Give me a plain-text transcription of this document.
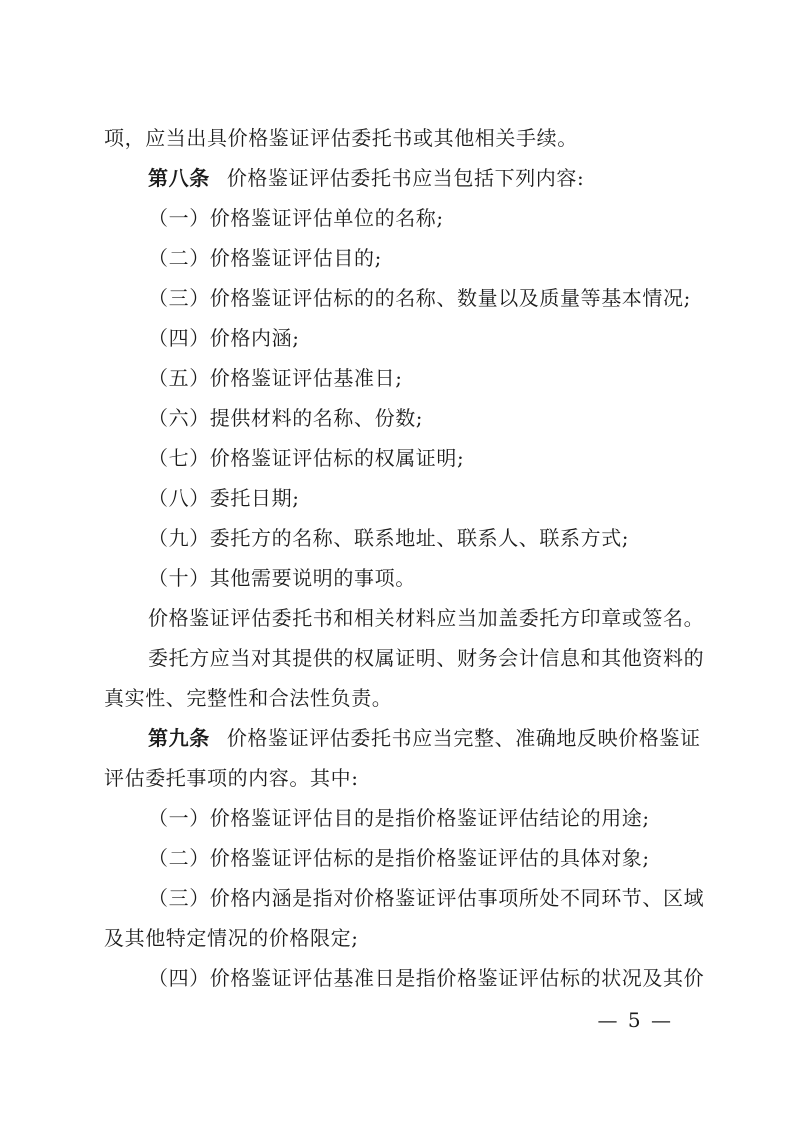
项，应当出具价格鉴证评估委托书或其他相关手续。
第八条 价格鉴证评估委托书应当包括下列内容:
（一）价格鉴证评估单位的名称;
（二）价格鉴证评估目的;
（三）价格鉴证评估标的的名称、数量以及质量等基本情况;
（四）价格内涵;
（五）价格鉴证评估基准日;
（六）提供材料的名称、份数;
（七）价格鉴证评估标的权属证明;
（八）委托日期;
（九）委托方的名称、联系地址、联系人、联系方式;
（十）其他需要说明的事项。
价格鉴证评估委托书和相关材料应当加盖委托方印章或签名。
委托方应当对其提供的权属证明、财务会计信息和其他资料的
真实性、完整性和合法性负责。
第九条 价格鉴证评估委托书应当完整、准确地反映价格鉴证
评估委托事项的内容。其中:
（一）价格鉴证评估目的是指价格鉴证评估结论的用途;
（二）价格鉴证评估标的是指价格鉴证评估的具体对象;
（三）价格内涵是指对价格鉴证评估事项所处不同环节、区域
及其他特定情况的价格限定;
（四）价格鉴证评估基准日是指价格鉴证评估标的状况及其价
— 5 —
